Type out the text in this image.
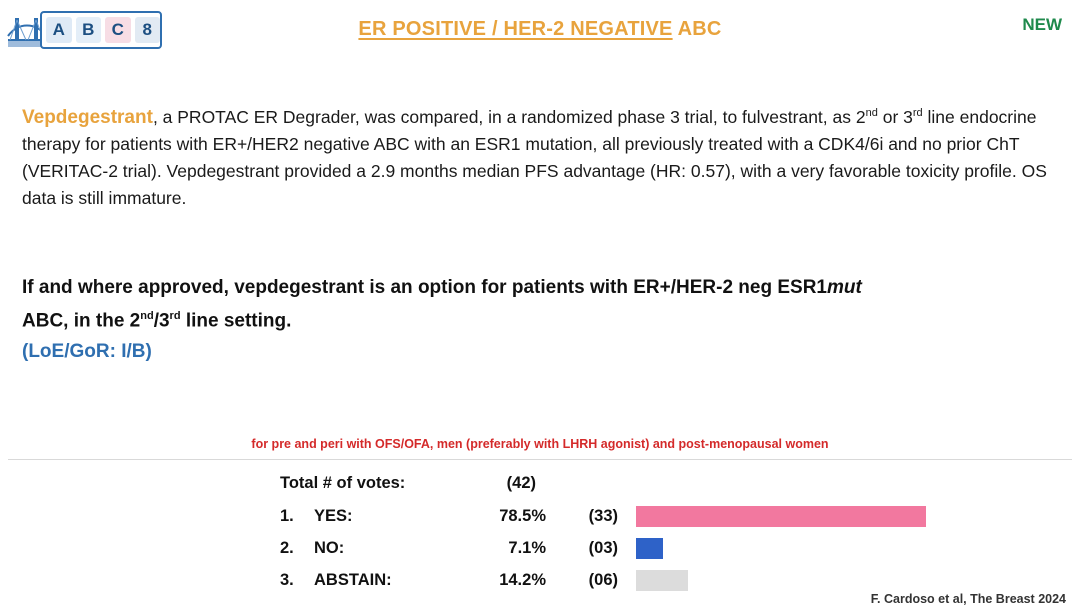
A	B	C	8	ER POSITIVE / HER-2 NEGATIVE ABC	NEW
Vepdegestrant, a PROTAC ER Degrader, was compared, in a randomized phase 3 trial, to fulvestrant, as 2nd or 3rd line endocrine therapy for patients with ER+/HER2 negative ABC with an ESR1 mutation, all previously treated with a CDK4/6i and no prior ChT (VERITAC-2 trial). Vepdegestrant provided a 2.9 months median PFS advantage (HR: 0.57), with a very favorable toxicity profile. OS data is still immature.
If and where approved, vepdegestrant is an option for patients with ER+/HER-2 neg ESR1mut
ABC, in the 2nd/3rd line setting.
(LoE/GoR: I/B)
for pre and peri with OFS/OFA, men (preferably with LHRH agonist) and post-menopausal women
Total # of votes:	(42)
1.	YES:	78.5%	(33)
2.	NO:	7.1%	(03)
3.	ABSTAIN:	14.2%	(06)
F. Cardoso et al, The Breast 2024
